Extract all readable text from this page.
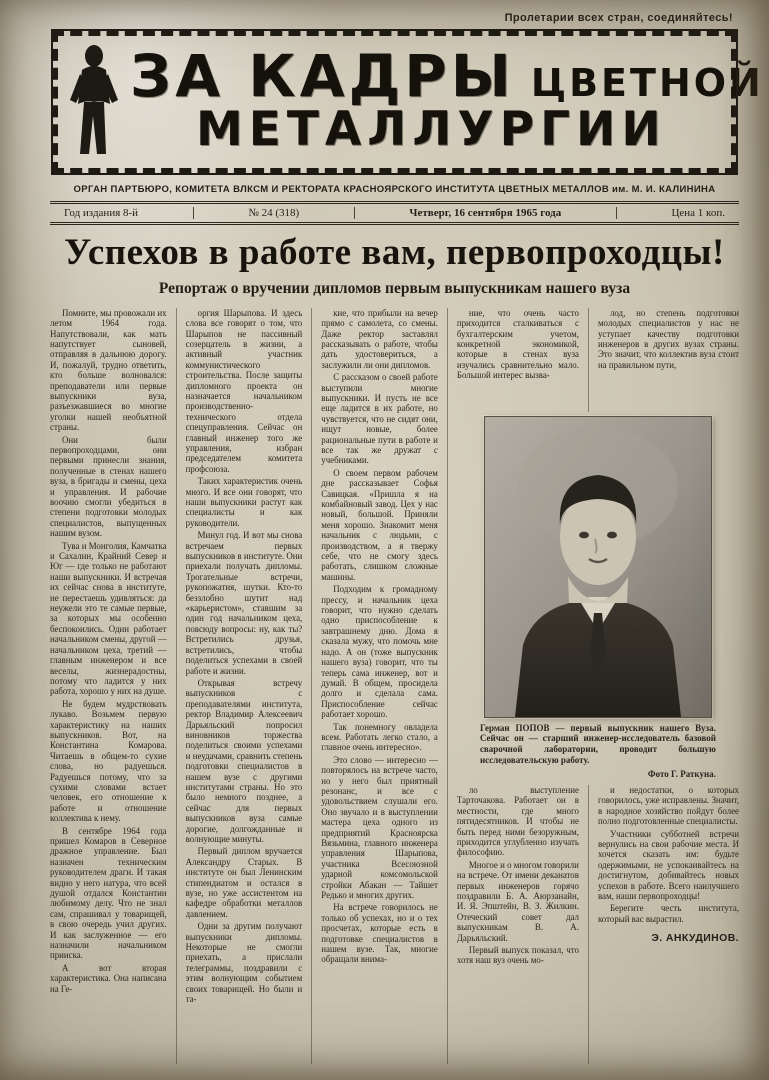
Пролетарии всех стран, соединяйтесь!
ЗА КАДРЫ ЦВЕТНОЙ
МЕТАЛЛУРГИИ
ОРГАН ПАРТБЮРО, КОМИТЕТА ВЛКСМ И РЕКТОРАТА КРАСНОЯРСКОГО ИНСТИТУТА ЦВЕТНЫХ МЕТАЛЛОВ им. М. И. КАЛИНИНА
Год издания 8-й	№ 24 (318)	Четверг, 16 сентября 1965 года	Цена 1 коп.
Успехов в работе вам, первопроходцы!
Репортаж о вручении дипломов первым выпускникам нашего вуза

Помните, мы провожали их летом 1964 года. Напутствовали, как мать напутствует сыновей, отправляя в дальнюю дорогу. И, пожалуй, трудно ответить, кто больше волновался: преподаватели или первые выпускники вуза, разъезжавшиеся во многие уголки нашей необъятной страны.

Они были первопроходцами, они первыми принесли знания, полученные в стенах нашего вуза, в бригады и смены, цеха и управления. И рабочие воочию смогли убедиться в степени подготовки молодых специалистов, выпущенных нашим вузом.

Тува и Монголия, Камчатка и Сахалин, Крайний Север и Юг — где только не работают наши выпускники. И встречая их сейчас снова в институте, не перестаешь удивляться: да неужели это те самые первые, за которых мы особенно беспокоились. Один работает начальником смены, другой — начальником цеха, третий — главным инженером и все веселы, жизнерадостны, потому что ладится у них работа, хорошо у них на душе.

Не будем мудрствовать лукаво. Возьмем первую характеристику на наших выпускников. Вот, на Константина Комарова. Читаешь в общем-то сухие слова, но радуешься. Радуешься потому, что за сухими словами встает человек, его отношение к работе и отношение коллектива к нему.

В сентябре 1964 года пришел Комаров в Северное дражное управление. Был назначен техническим руководителем драги. И такая видно у него натура, что всей душой отдался Константин любимому делу. Что не знал сам, спрашивал у товарищей, в свою очередь учил других. И как заслуженное — его назначили начальником прииска.

А вот вторая характеристика. Она написана на Ге-

оргия Шарыпова. И здесь слова все говорят о том, что Шарыпов не пассивный созерцатель в жизни, а активный участник коммунистического строительства. После защиты дипломного проекта он назначается начальником производственно-технического отдела спецуправления. Сейчас он главный инженер того же управления, избран председателем комитета профсоюза.

Таких характеристик очень много. И все они говорят, что наши выпускники растут как специалисты и как руководители.

Минул год. И вот мы снова встречаем первых выпускников в институте. Они приехали получать дипломы. Трогательные встречи, рукопожатия, шутки. Кто-то беззлобно шутит над «карьеристом», ставшим за один год начальником цеха, повсюду вопросы: ну, как ты? Встретились друзья, встретились, чтобы поделиться успехами в своей работе и жизни.

Открывая встречу выпускников с преподавателями института, ректор Владимир Алексеевич Дарьяльский попросил виновников торжества поделиться своими успехами и неудачами, сравнить степень подготовки специалистов в нашем вузе с другими институтами страны. Но это было немного позднее, а сейчас для первых выпускников вуза самые дорогие, долгожданные и волнующие минуты.

Первый диплом вручается Александру Старых. В институте он был Ленинским стипендиатом и остался в вузе, но уже ассистентом на кафедре обработки металлов давлением.

Одни за другим получают выпускники дипломы. Некоторые не смогли приехать, а прислали телеграммы, поздравили с этим волнующим событием своих товарищей. Но были и та-

кие, что прибыли на вечер прямо с самолета, со смены. Даже ректор заставлял рассказывать о работе, чтобы дать удостовериться, а заслужили ли они дипломов.

С рассказом о своей работе выступили многие выпускники. И пусть не все еще ладится в их работе, но чувствуется, что не сидят они, ищут новые, более рациональные пути в работе и все так же дружат с учебниками.

О своем первом рабочем дне рассказывает Софья Савицкая. «Пришла я на комбайновый завод. Цех у нас новый, большой. Приняли меня хорошо. Знакомит меня начальник с людьми, с производством, а я твержу себе, что не смогу здесь работать, слишком сложные машины.

Подходим к громадному прессу, и начальник цеха говорит, что нужно сделать одно приспособление к завтрашнему дню. Дома я сказала мужу, что помочь мне надо. А он (тоже выпускник нашего вуза) говорит, что ты теперь сама инженер, вот и думай. В общем, просидела долго и сделала сама. Приспособление сейчас работает хорошо.

Так понемногу овладела всем. Работать легко стало, а главное очень интересно».

Это слово — интересно — повторялось на встрече часто, но у него был приятный резонанс, и все с удовольствием слушали его. Оно звучало и в выступлении мастера цеха одного из предприятий Красноярска Вязьмина, главного инженера управления Шарыпова, участника Всесоюзной ударной комсомольской стройки Абакан — Тайшет Редько и многих других.

На встрече говорилось не только об успехах, но и о тех просчетах, которые есть в подготовке специалистов в нашем вузе. Так, многие обращали внима-

ние, что очень часто приходится сталкиваться с бухгалтерским учетом, конкретной экономикой, которые в стенах вуза изучались сравнительно мало. Большой интерес вызва-

лод, но степень подготовки молодых специалистов у нас не уступает качеству подготовки инженеров в других вузах страны. Это значит, что коллектив вуза стоит на правильном пути,

Герман ПОПОВ — первый выпускник нашего Вуза. Сейчас он — старший инженер-исследователь базовой сварочной лаборатории, проводит большую исследовательскую работу.
Фото Г. Раткуна.

ло выступление Тарточакова. Работает он в местности, где много пятидесятников. И чтобы не быть перед ними безоружным, приходится углубленно изучать философию.

Многое и о многом говорили на встрече. От имени деканатов первых инженеров горячо поздравили Б. А. Аюрзанайн, И. Я. Эпштейн, В. З. Жилкин. Отеческий совет дал выпускникам В. А. Дарьяльский.

Первый выпуск показал, что хотя наш вуз очень мо-

и недостатки, о которых говорилось, уже исправлены. Значит, в народное хозяйство пойдут более полно подготовленные специалисты.

Участники субботней встречи вернулись на свои рабочие места. И хочется сказать им: будьте одержимыми, не успокаивайтесь на достигнутом, добивайтесь новых успехов в работе. Всего наилучшего вам, наши первопроходцы!

Берегите честь института, который вас вырастил.

Э. АНКУДИНОВ.
